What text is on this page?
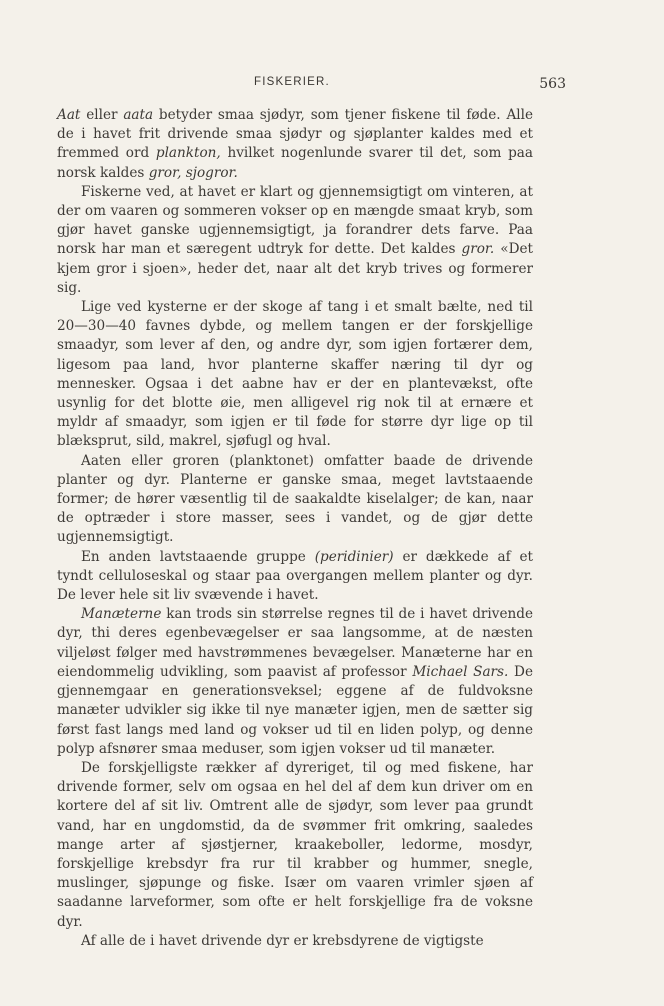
FISKERIER.	563

Aat eller aata betyder smaa sjødyr, som tjener fiskene til føde. Alle de i havet frit drivende smaa sjødyr og sjøplanter kaldes med et fremmed ord plankton, hvilket nogenlunde svarer til det, som paa norsk kaldes gror, sjogror.

Fiskerne ved, at havet er klart og gjennemsigtigt om vinteren, at der om vaaren og sommeren vokser op en mængde smaat kryb, som gjør havet ganske ugjennemsigtigt, ja forandrer dets farve. Paa norsk har man et særegent udtryk for dette. Det kaldes gror. «Det kjem gror i sjoen», heder det, naar alt det kryb trives og formerer sig.

Lige ved kysterne er der skoge af tang i et smalt bælte, ned til 20—30—40 favnes dybde, og mellem tangen er der forskjellige smaadyr, som lever af den, og andre dyr, som igjen fortærer dem, ligesom paa land, hvor planterne skaffer næring til dyr og mennesker. Ogsaa i det aabne hav er der en plantevækst, ofte usynlig for det blotte øie, men alligevel rig nok til at ernære et myldr af smaadyr, som igjen er til føde for større dyr lige op til blæksprut, sild, makrel, sjøfugl og hval.

Aaten eller groren (planktonet) omfatter baade de drivende planter og dyr. Planterne er ganske smaa, meget lavtstaaende former; de hører væsentlig til de saakaldte kiselalger; de kan, naar de optræder i store masser, sees i vandet, og de gjør dette ugjennemsigtigt.

En anden lavtstaaende gruppe (peridinier) er dækkede af et tyndt celluloseskal og staar paa overgangen mellem planter og dyr. De lever hele sit liv svævende i havet.

Manæterne kan trods sin størrelse regnes til de i havet drivende dyr, thi deres egenbevægelser er saa langsomme, at de næsten viljeløst følger med havstrømmenes bevægelser. Manæterne har en eiendommelig udvikling, som paavist af professor Michael Sars. De gjennemgaar en generationsveksel; eggene af de fuldvoksne manæter udvikler sig ikke til nye manæter igjen, men de sætter sig først fast langs med land og vokser ud til en liden polyp, og denne polyp afsnører smaa meduser, som igjen vokser ud til manæter.

De forskjelligste rækker af dyreriget, til og med fiskene, har drivende former, selv om ogsaa en hel del af dem kun driver om en kortere del af sit liv. Omtrent alle de sjødyr, som lever paa grundt vand, har en ungdomstid, da de svømmer frit omkring, saaledes mange arter af sjøstjerner, kraakeboller, ledorme, mosdyr, forskjellige krebsdyr fra rur til krabber og hummer, snegle, muslinger, sjøpunge og fiske. Især om vaaren vrimler sjøen af saadanne larveformer, som ofte er helt forskjellige fra de voksne dyr.

Af alle de i havet drivende dyr er krebsdyrene de vigtigste
